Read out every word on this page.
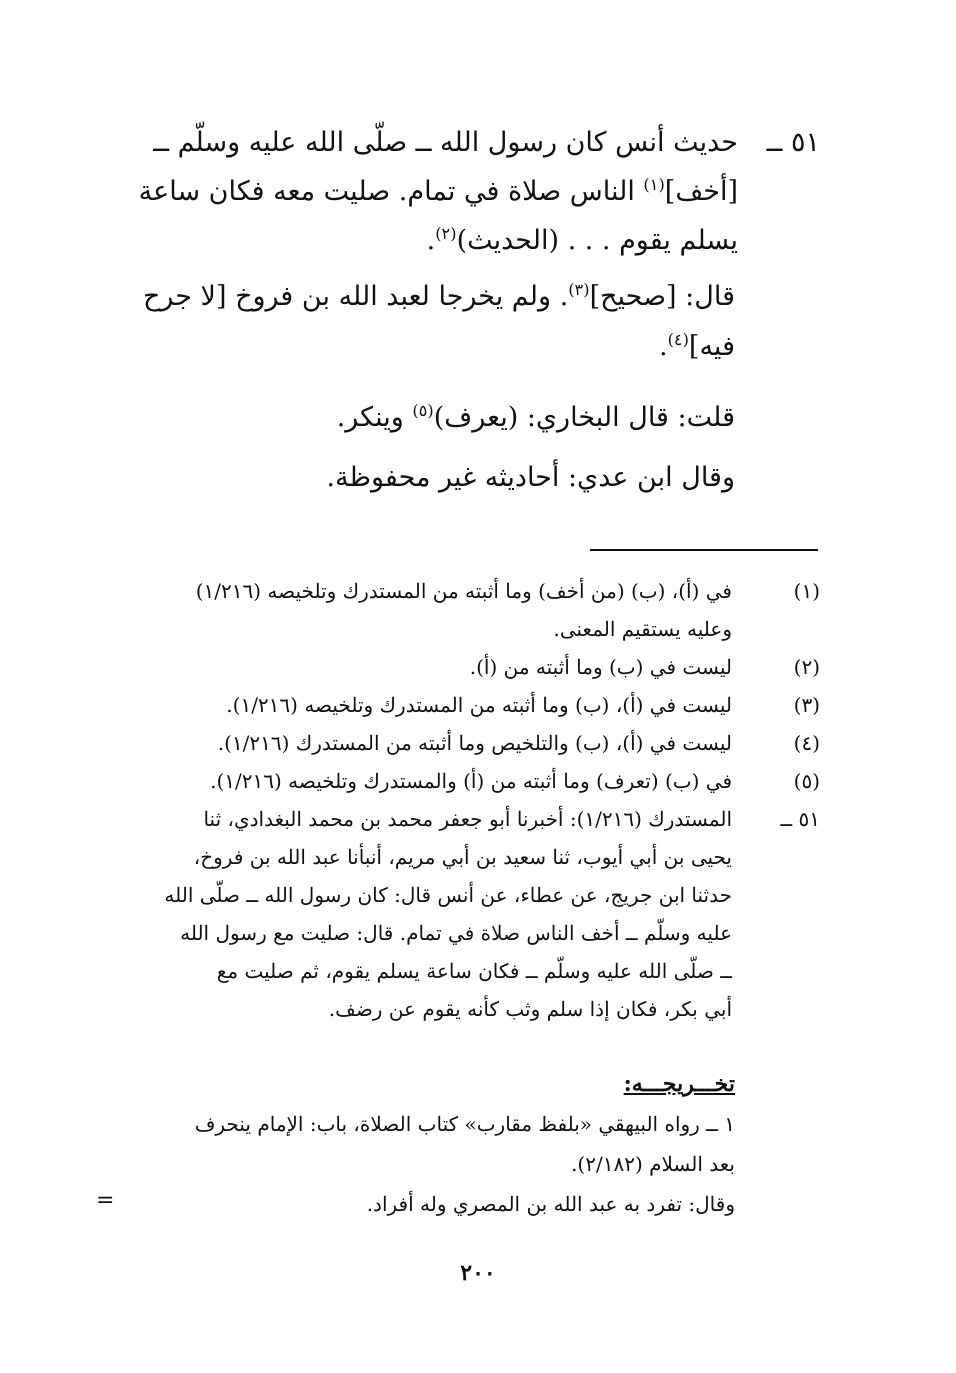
٥١ ــحديث أنس كان رسول الله ــ صلّى الله عليه وسلّم ــ
[أخف]$^{(١)}$ الناس صلاة في تمام. صليت معه فكان ساعة
يسلم يقوم . . . (الحديث)$^{(٢)}$.
قال: [صحيح]$^{(٣)}$. ولم يخرجا لعبد الله بن فروخ [لا جرح
فيه]$^{(٤)}$.
قلت: قال البخاري: (يعرف)$^{(٥)}$ وينكر.
وقال ابن عدي: أحاديثه غير محفوظة.
(١)
في (أ)، (ب) (من أخف) وما أثبته من المستدرك وتلخيصه (١/٢١٦)
وعليه يستقيم المعنى.
(٢)
ليست في (ب) وما أثبته من (أ).
(٣)
ليست في (أ)، (ب) وما أثبته من المستدرك وتلخيصه (١/٢١٦).
(٤)
ليست في (أ)، (ب) والتلخيص وما أثبته من المستدرك (١/٢١٦).
(٥)
في (ب) (تعرف) وما أثبته من (أ) والمستدرك وتلخيصه (١/٢١٦).
٥١ ــ
المستدرك (١/٢١٦): أخبرنا أبو جعفر محمد بن محمد البغدادي، ثنا
يحيى بن أبي أيوب، ثنا سعيد بن أبي مريم، أنبأنا عبد الله بن فروخ،
حدثنا ابن جريج، عن عطاء، عن أنس قال: كان رسول الله ــ صلّى الله
عليه وسلّم ــ أخف الناس صلاة في تمام. قال: صليت مع رسول الله
ــ صلّى الله عليه وسلّم ــ فكان ساعة يسلم يقوم، ثم صليت مع
أبي بكر، فكان إذا سلم وثب كأنه يقوم عن رضف.
تخـــريجـــه:
١ ــ رواه البيهقي «بلفظ مقارب» كتاب الصلاة، باب: الإمام ينحرف
بعد السلام (٢/١٨٢).
وقال: تفرد به عبد الله بن المصري وله أفراد.
=
٢٠٠
